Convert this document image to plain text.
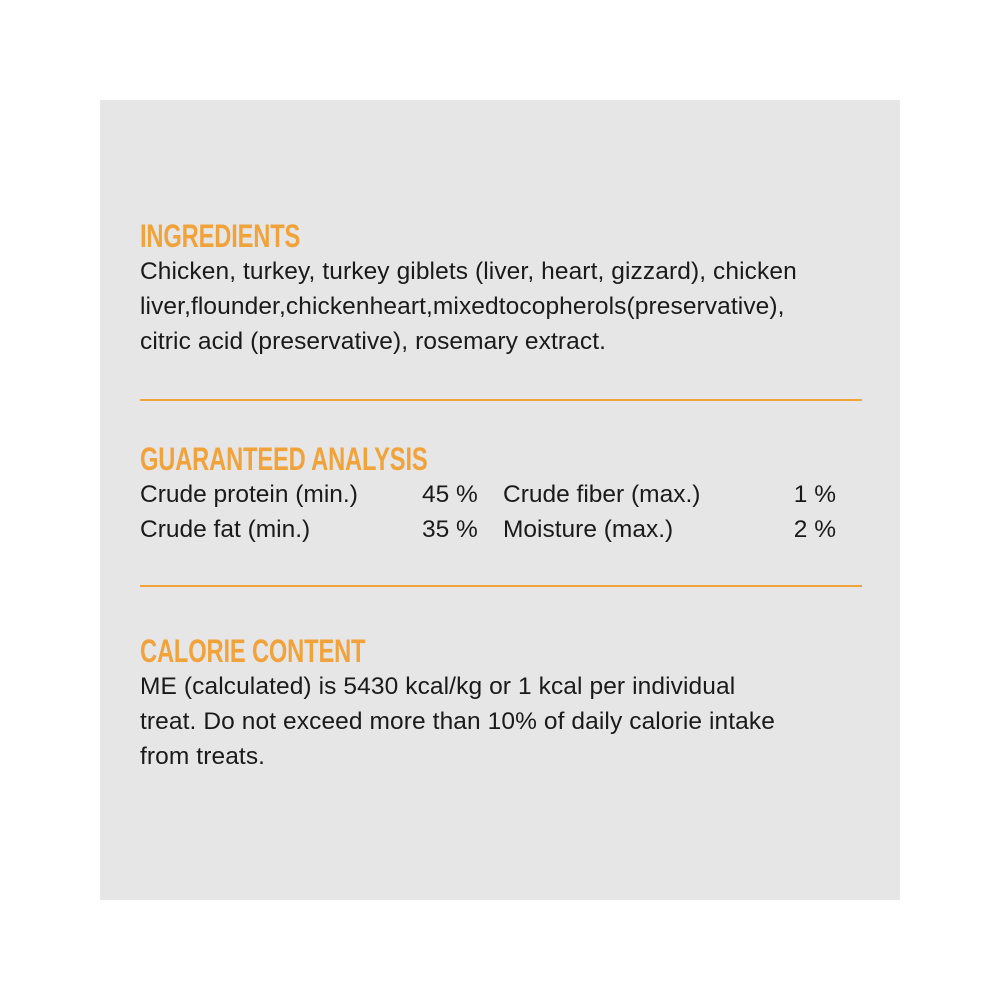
INGREDIENTS

Chicken, turkey, turkey giblets (liver, heart, gizzard), chicken
liver,flounder,chickenheart,mixedtocopherols(preservative),
citric acid (preservative), rosemary extract.

GUARANTEED ANALYSIS
Crude protein (min.)	45 % Crude fiber (max.)	1 %
Crude fat (min.)	35 % Moisture (max.)	2 %
CALORIE CONTENT

ME (calculated) is 5430 kcal/kg or 1 kcal per individual
treat. Do not exceed more than 10% of daily calorie intake
from treats.
